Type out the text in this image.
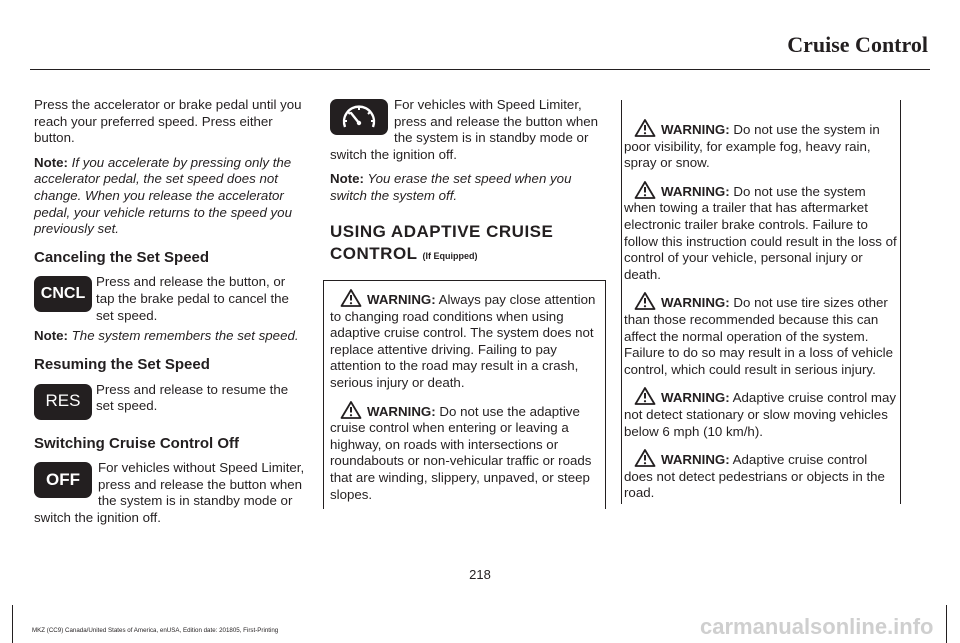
Cruise Control

Press the accelerator or brake pedal until you reach your preferred speed. Press either button.

Note: If you accelerate by pressing only the accelerator pedal, the set speed does not change. When you release the accelerator pedal, your vehicle returns to the speed you previously set.

Canceling the Set Speed
CNCL
Press and release the button, or tap the brake pedal to cancel the set speed.

Note: The system remembers the set speed.

Resuming the Set Speed
RES
Press and release to resume the set speed.
Switching Cruise Control Off
OFF
For vehicles without Speed Limiter, press and release the button when the system is in standby mode or switch the ignition off.
For vehicles with Speed Limiter, press and release the button when the system is in standby mode or switch the ignition off.

Note: You erase the set speed when you switch the system off.

USING ADAPTIVE CRUISE CONTROL (If Equipped)

WARNING: Always pay close attention to changing road conditions when using adaptive cruise control. The system does not replace attentive driving. Failing to pay attention to the road may result in a crash, serious injury or death.

WARNING: Do not use the adaptive cruise control when entering or leaving a highway, on roads with intersections or roundabouts or non-vehicular traffic or roads that are winding, slippery, unpaved, or steep slopes.

WARNING: Do not use the system in poor visibility, for example fog, heavy rain, spray or snow.

WARNING: Do not use the system when towing a trailer that has aftermarket electronic trailer brake controls. Failure to follow this instruction could result in the loss of control of your vehicle, personal injury or death.

WARNING: Do not use tire sizes other than those recommended because this can affect the normal operation of the system. Failure to do so may result in a loss of vehicle control, which could result in serious injury.

WARNING: Adaptive cruise control may not detect stationary or slow moving vehicles below 6 mph (10 km/h).

WARNING: Adaptive cruise control does not detect pedestrians or objects in the road.

218
MKZ (CC9) Canada/United States of America, enUSA, Edition date: 201805, First-Printing	carmanualsonline.info
